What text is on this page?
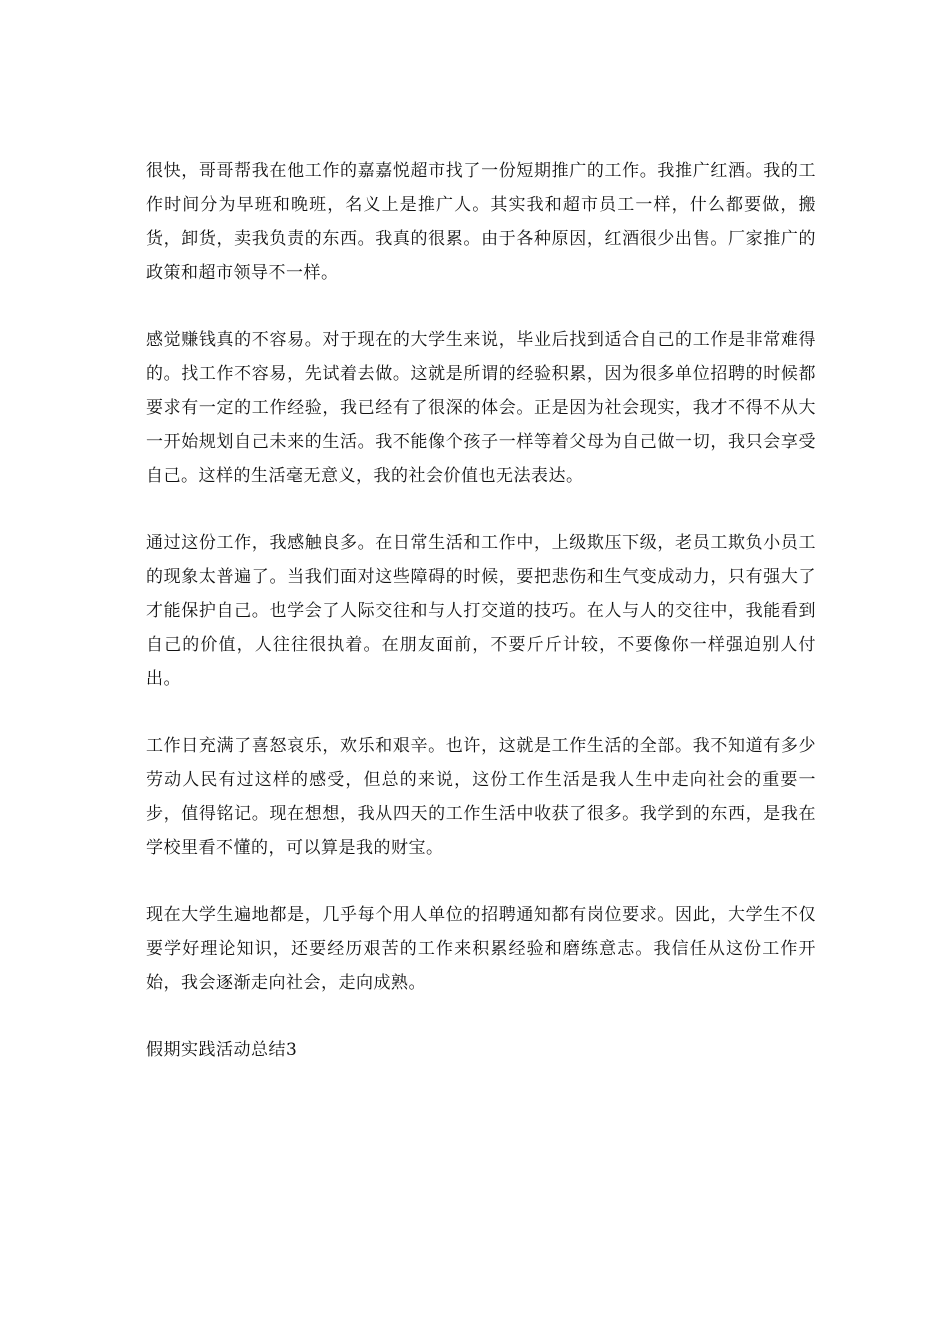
很快，哥哥帮我在他工作的嘉嘉悦超市找了一份短期推广的工作。我推广红酒。我的工作时间分为早班和晚班，名义上是推广人。其实我和超市员工一样，什么都要做，搬货，卸货，卖我负责的东西。我真的很累。由于各种原因，红酒很少出售。厂家推广的政策和超市领导不一样。

感觉赚钱真的不容易。对于现在的大学生来说，毕业后找到适合自己的工作是非常难得的。找工作不容易，先试着去做。这就是所谓的经验积累，因为很多单位招聘的时候都要求有一定的工作经验，我已经有了很深的体会。正是因为社会现实，我才不得不从大一开始规划自己未来的生活。我不能像个孩子一样等着父母为自己做一切，我只会享受自己。这样的生活毫无意义，我的社会价值也无法表达。

通过这份工作，我感触良多。在日常生活和工作中，上级欺压下级，老员工欺负小员工的现象太普遍了。当我们面对这些障碍的时候，要把悲伤和生气变成动力，只有强大了才能保护自己。也学会了人际交往和与人打交道的技巧。在人与人的交往中，我能看到自己的价值，人往往很执着。在朋友面前，不要斤斤计较，不要像你一样强迫别人付出。

工作日充满了喜怒哀乐，欢乐和艰辛。也许，这就是工作生活的全部。我不知道有多少劳动人民有过这样的感受，但总的来说，这份工作生活是我人生中走向社会的重要一步，值得铭记。现在想想，我从四天的工作生活中收获了很多。我学到的东西，是我在学校里看不懂的，可以算是我的财宝。

现在大学生遍地都是，几乎每个用人单位的招聘通知都有岗位要求。因此，大学生不仅要学好理论知识，还要经历艰苦的工作来积累经验和磨练意志。我信任从这份工作开始，我会逐渐走向社会，走向成熟。

假期实践活动总结3
